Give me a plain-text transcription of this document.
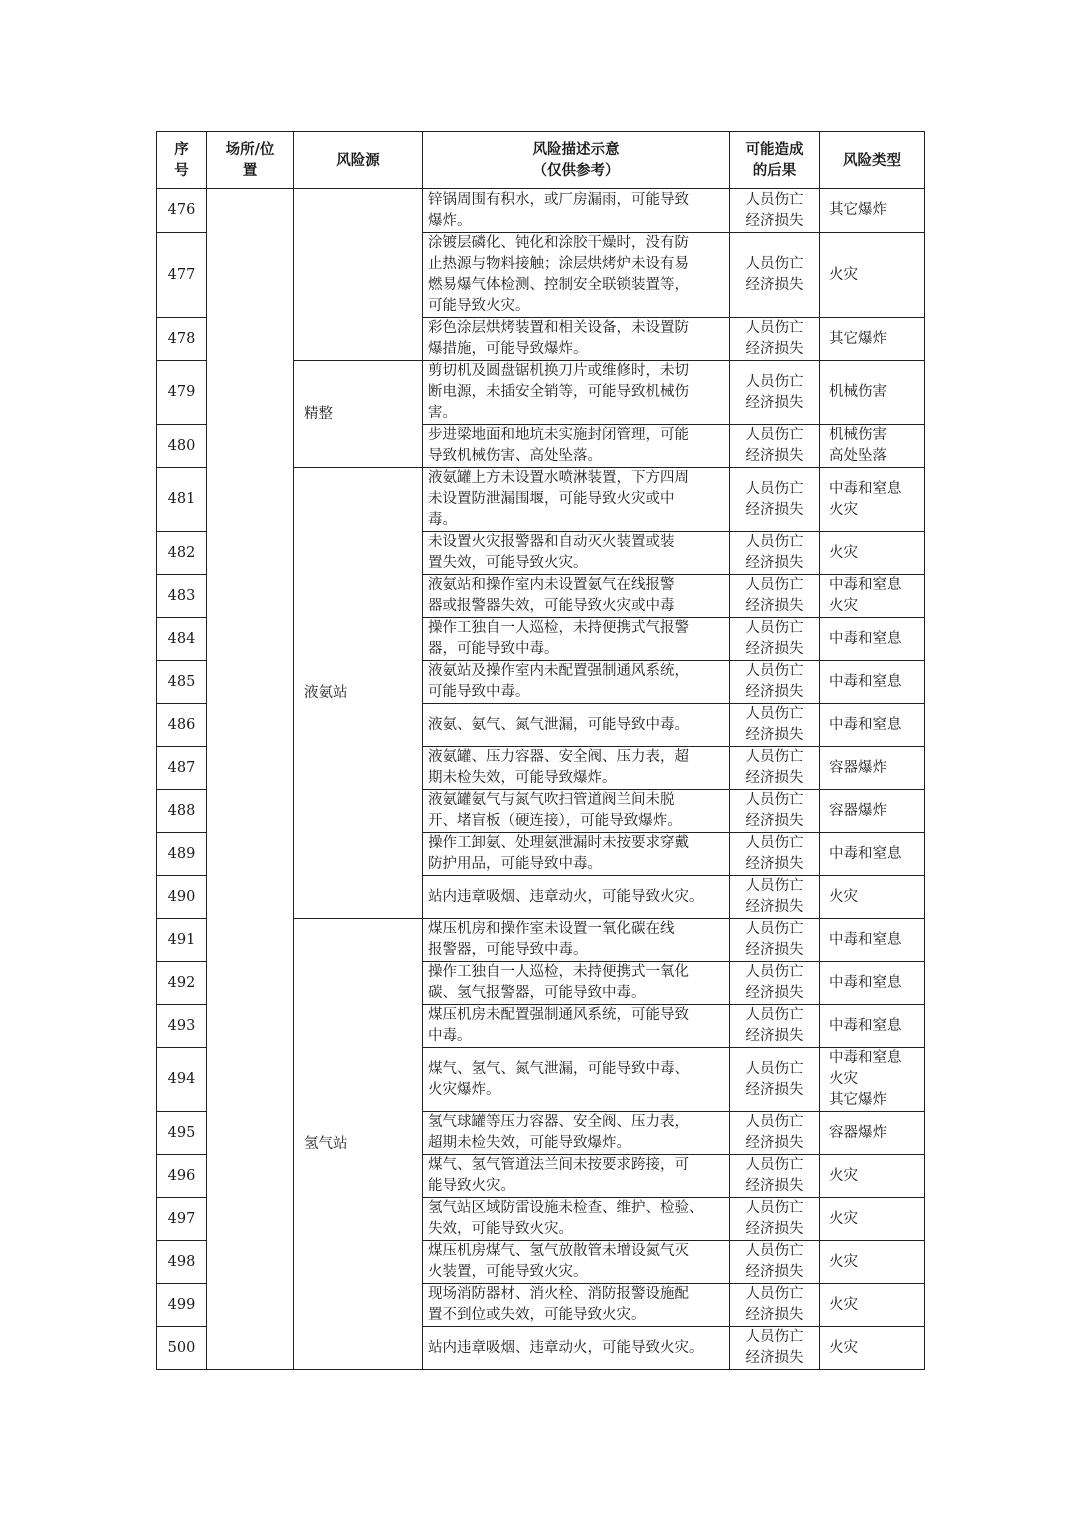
序
号	场所/位
置	风险源	风险描述示意
（仅供参考）	可能造成
的后果	风险类型
476			锌锅周围有积水，或厂房漏雨，可能导致
爆炸。	人员伤亡
经济损失	其它爆炸

477			涂镀层磷化、钝化和涂胶干燥时，没有防
止热源与物料接触；涂层烘烤炉未设有易
燃易爆气体检测、控制安全联锁装置等，
可能导致火灾。	人员伤亡
经济损失	火灾

478			彩色涂层烘烤装置和相关设备，未设置防
爆措施，可能导致爆炸。	人员伤亡
经济损失	其它爆炸

479		精整	剪切机及圆盘锯机换刀片或维修时，未切
断电源，未插安全销等，可能导致机械伤
害。	人员伤亡
经济损失	机械伤害

480			步进梁地面和地坑未实施封闭管理，可能
导致机械伤害、高处坠落。	人员伤亡
经济损失	机械伤害
高处坠落

481		液氨站	液氨罐上方未设置水喷淋装置，下方四周
未设置防泄漏围堰，可能导致火灾或中
毒。	人员伤亡
经济损失	中毒和窒息
火灾

482			未设置火灾报警器和自动灭火装置或装
置失效，可能导致火灾。	人员伤亡
经济损失	火灾

483			液氨站和操作室内未设置氨气在线报警
器或报警器失效，可能导致火灾或中毒	人员伤亡
经济损失	中毒和窒息
火灾

484			操作工独自一人巡检，未持便携式气报警
器，可能导致中毒。	人员伤亡
经济损失	中毒和窒息

485			液氨站及操作室内未配置强制通风系统，
可能导致中毒。	人员伤亡
经济损失	中毒和窒息

486			液氨、氨气、氮气泄漏，可能导致中毒。	人员伤亡
经济损失	中毒和窒息

487			液氨罐、压力容器、安全阀、压力表，超
期未检失效，可能导致爆炸。	人员伤亡
经济损失	容器爆炸

488			液氨罐氨气与氮气吹扫管道阀兰间未脱
开、堵盲板（硬连接），可能导致爆炸。	人员伤亡
经济损失	容器爆炸

489			操作工卸氨、处理氨泄漏时未按要求穿戴
防护用品，可能导致中毒。	人员伤亡
经济损失	中毒和窒息

490			站内违章吸烟、违章动火，可能导致火灾。	人员伤亡
经济损失	火灾

491		氢气站	煤压机房和操作室未设置一氧化碳在线
报警器，可能导致中毒。	人员伤亡
经济损失	中毒和窒息

492			操作工独自一人巡检，未持便携式一氧化
碳、氢气报警器，可能导致中毒。	人员伤亡
经济损失	中毒和窒息

493			煤压机房未配置强制通风系统，可能导致
中毒。	人员伤亡
经济损失	中毒和窒息

494			煤气、氢气、氮气泄漏，可能导致中毒、
火灾爆炸。	人员伤亡
经济损失	中毒和窒息
火灾
其它爆炸

495			氢气球罐等压力容器、安全阀、压力表，
超期未检失效，可能导致爆炸。	人员伤亡
经济损失	容器爆炸

496			煤气、氢气管道法兰间未按要求跨接，可
能导致火灾。	人员伤亡
经济损失	火灾

497			氢气站区域防雷设施未检查、维护、检验、
失效，可能导致火灾。	人员伤亡
经济损失	火灾

498			煤压机房煤气、氢气放散管未增设氮气灭
火装置，可能导致火灾。	人员伤亡
经济损失	火灾

499			现场消防器材、消火栓、消防报警设施配
置不到位或失效，可能导致火灾。	人员伤亡
经济损失	火灾

500			站内违章吸烟、违章动火，可能导致火灾。	人员伤亡
经济损失	火灾
